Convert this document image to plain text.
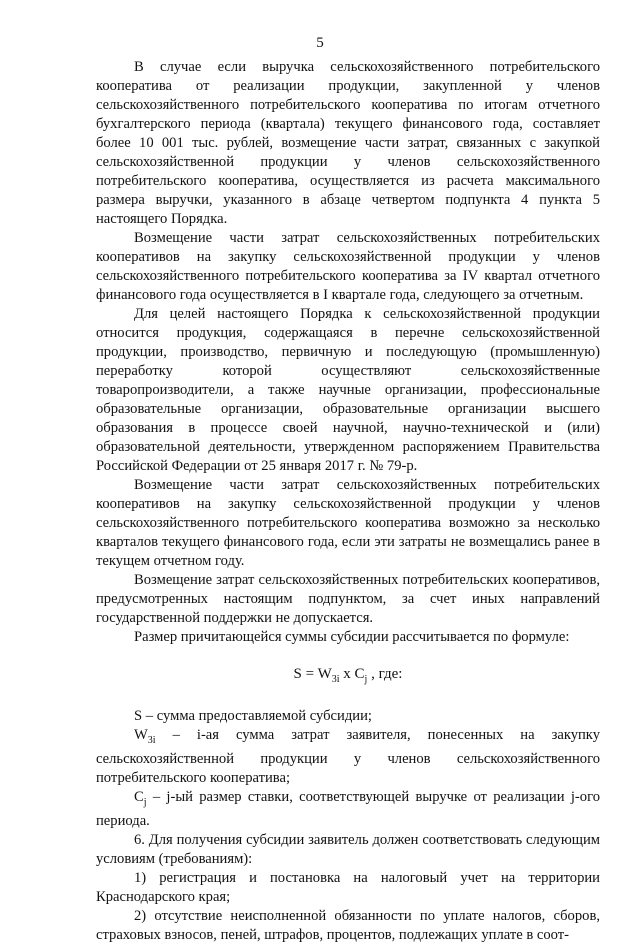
5

В случае если выручка сельскохозяйственного потребительского кооператива от реализации продукции, закупленной у членов сельскохозяйственного потребительского кооператива по итогам отчетного бухгалтерского периода (квартала) текущего финансового года, составляет более 10 001 тыс. рублей, возмещение части затрат, связанных с закупкой сельскохозяйственной продукции у членов сельскохозяйственного потребительского кооператива, осуществляется из расчета максимального размера выручки, указанного в абзаце четвертом подпункта 4 пункта 5 настоящего Порядка.

Возмещение части затрат сельскохозяйственных потребительских кооперативов на закупку сельскохозяйственной продукции у членов сельскохозяйственного потребительского кооператива за IV квартал отчетного финансового года осуществляется в I квартале года, следующего за отчетным.

Для целей настоящего Порядка к сельскохозяйственной продукции относится продукция, содержащаяся в перечне сельскохозяйственной продукции, производство, первичную и последующую (промышленную) переработку которой осуществляют сельскохозяйственные товаропроизводители, а также научные организации, профессиональные образовательные организации, образовательные организации высшего образования в процессе своей научной, научно-технической и (или) образовательной деятельности, утвержденном распоряжением Правительства Российской Федерации от 25 января 2017 г. № 79-р.

Возмещение части затрат сельскохозяйственных потребительских кооперативов на закупку сельскохозяйственной продукции у членов сельскохозяйственного потребительского кооператива возможно за несколько кварталов текущего финансового года, если эти затраты не возмещались ранее в текущем отчетном году.

Возмещение затрат сельскохозяйственных потребительских кооперативов, предусмотренных настоящим подпунктом, за счет иных направлений государственной поддержки не допускается.

Размер причитающейся суммы субсидии рассчитывается по формуле:

$S = W_{3i}$ х $С_j$ , где:

S – сумма предоставляемой субсидии;

$W_{3i} - i-ая$ сумма затрат заявителя, понесенных на закупку сельскохозяйственной продукции у членов сельскохозяйственного потребительского кооператива;

$C_j - j-ый$ размер ставки, соответствующей выручке от реализации j-ого периода.

6. Для получения субсидии заявитель должен соответствовать следующим условиям (требованиям):

1) регистрация и постановка на налоговый учет на территории Краснодарского края;

2) отсутствие неисполненной обязанности по уплате налогов, сборов, страховых взносов, пеней, штрафов, процентов, подлежащих уплате в соот-
